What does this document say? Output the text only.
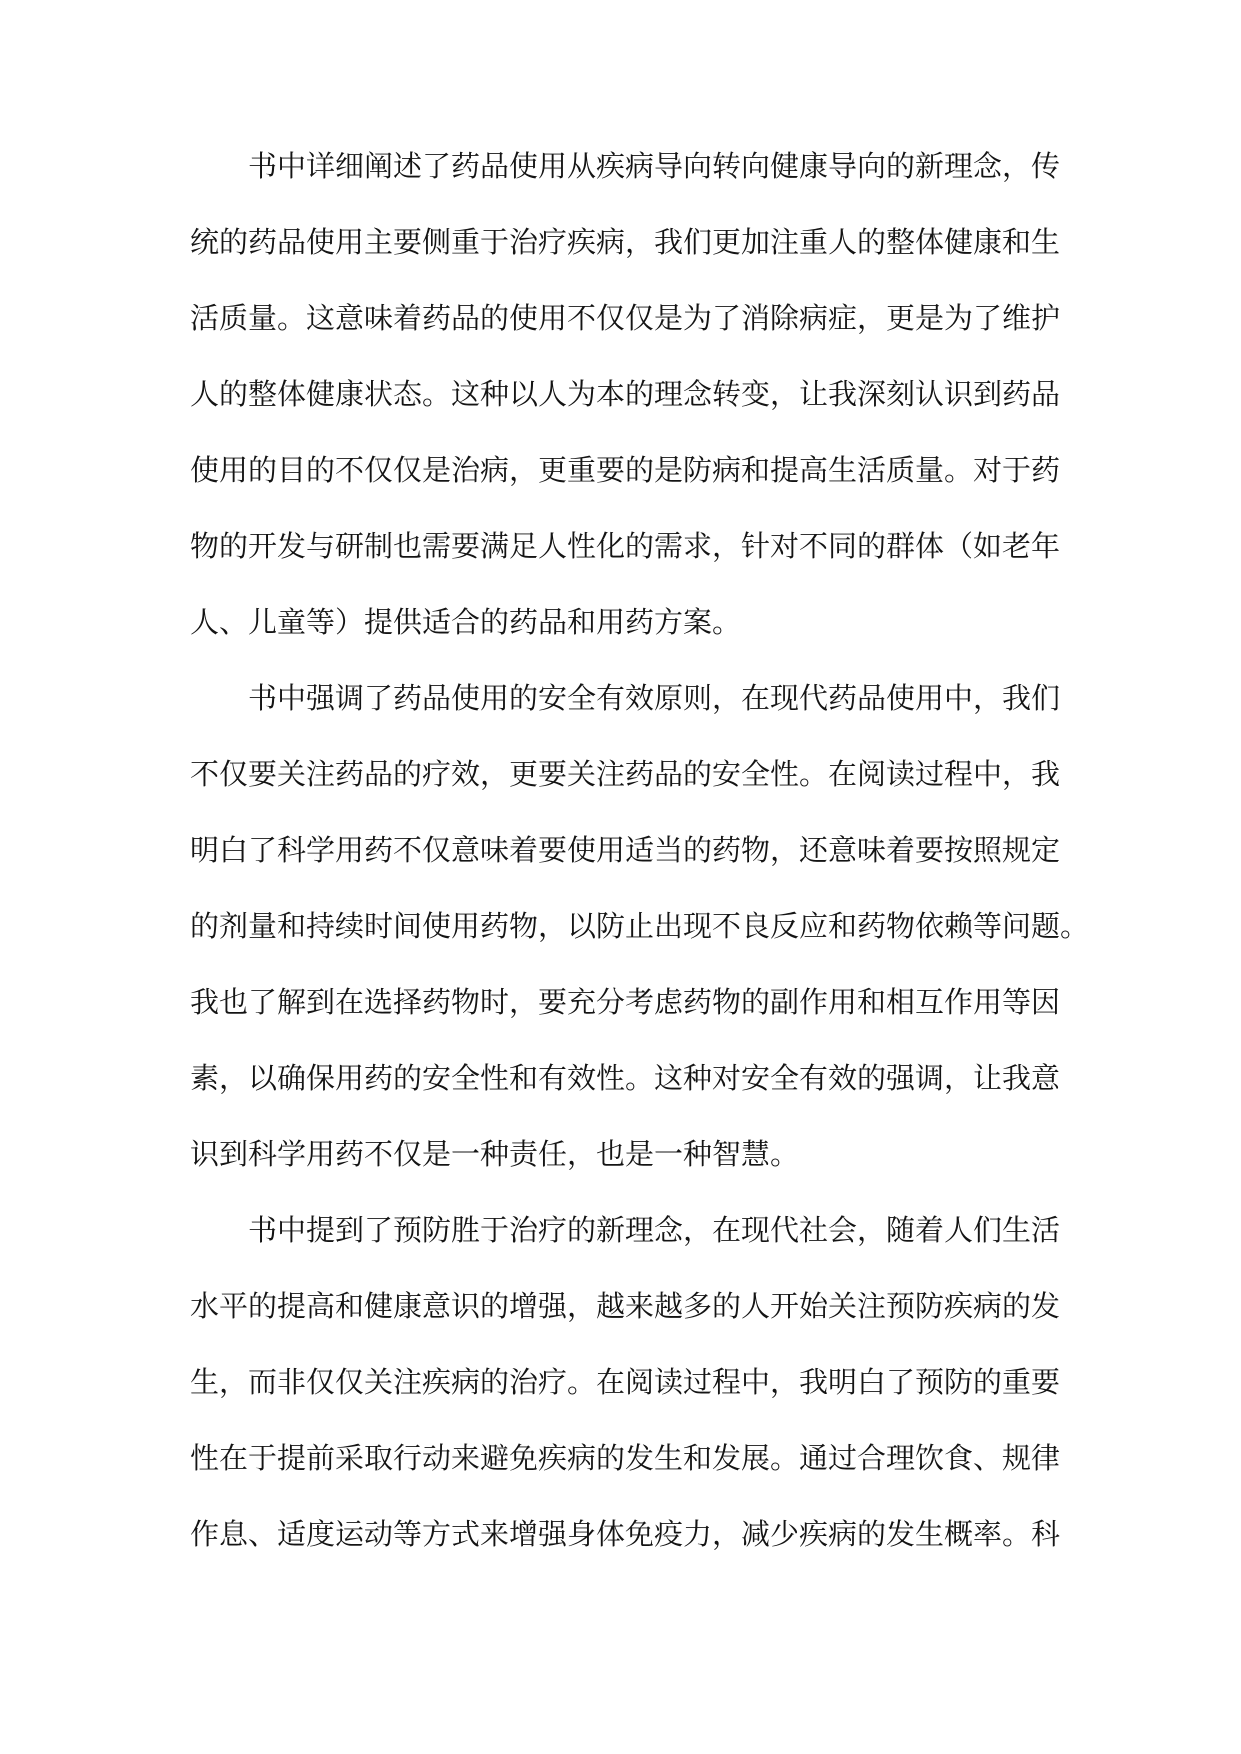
书中详细阐述了药品使用从疾病导向转向健康导向的新理念，传
统的药品使用主要侧重于治疗疾病，我们更加注重人的整体健康和生
活质量。这意味着药品的使用不仅仅是为了消除病症，更是为了维护
人的整体健康状态。这种以人为本的理念转变，让我深刻认识到药品
使用的目的不仅仅是治病，更重要的是防病和提高生活质量。对于药
物的开发与研制也需要满足人性化的需求，针对不同的群体（如老年
人、儿童等）提供适合的药品和用药方案。
书中强调了药品使用的安全有效原则，在现代药品使用中，我们
不仅要关注药品的疗效，更要关注药品的安全性。在阅读过程中，我
明白了科学用药不仅意味着要使用适当的药物，还意味着要按照规定
的剂量和持续时间使用药物，以防止出现不良反应和药物依赖等问题。
我也了解到在选择药物时，要充分考虑药物的副作用和相互作用等因
素，以确保用药的安全性和有效性。这种对安全有效的强调，让我意
识到科学用药不仅是一种责任，也是一种智慧。
书中提到了预防胜于治疗的新理念，在现代社会，随着人们生活
水平的提高和健康意识的增强，越来越多的人开始关注预防疾病的发
生，而非仅仅关注疾病的治疗。在阅读过程中，我明白了预防的重要
性在于提前采取行动来避免疾病的发生和发展。通过合理饮食、规律
作息、适度运动等方式来增强身体免疫力，减少疾病的发生概率。科
